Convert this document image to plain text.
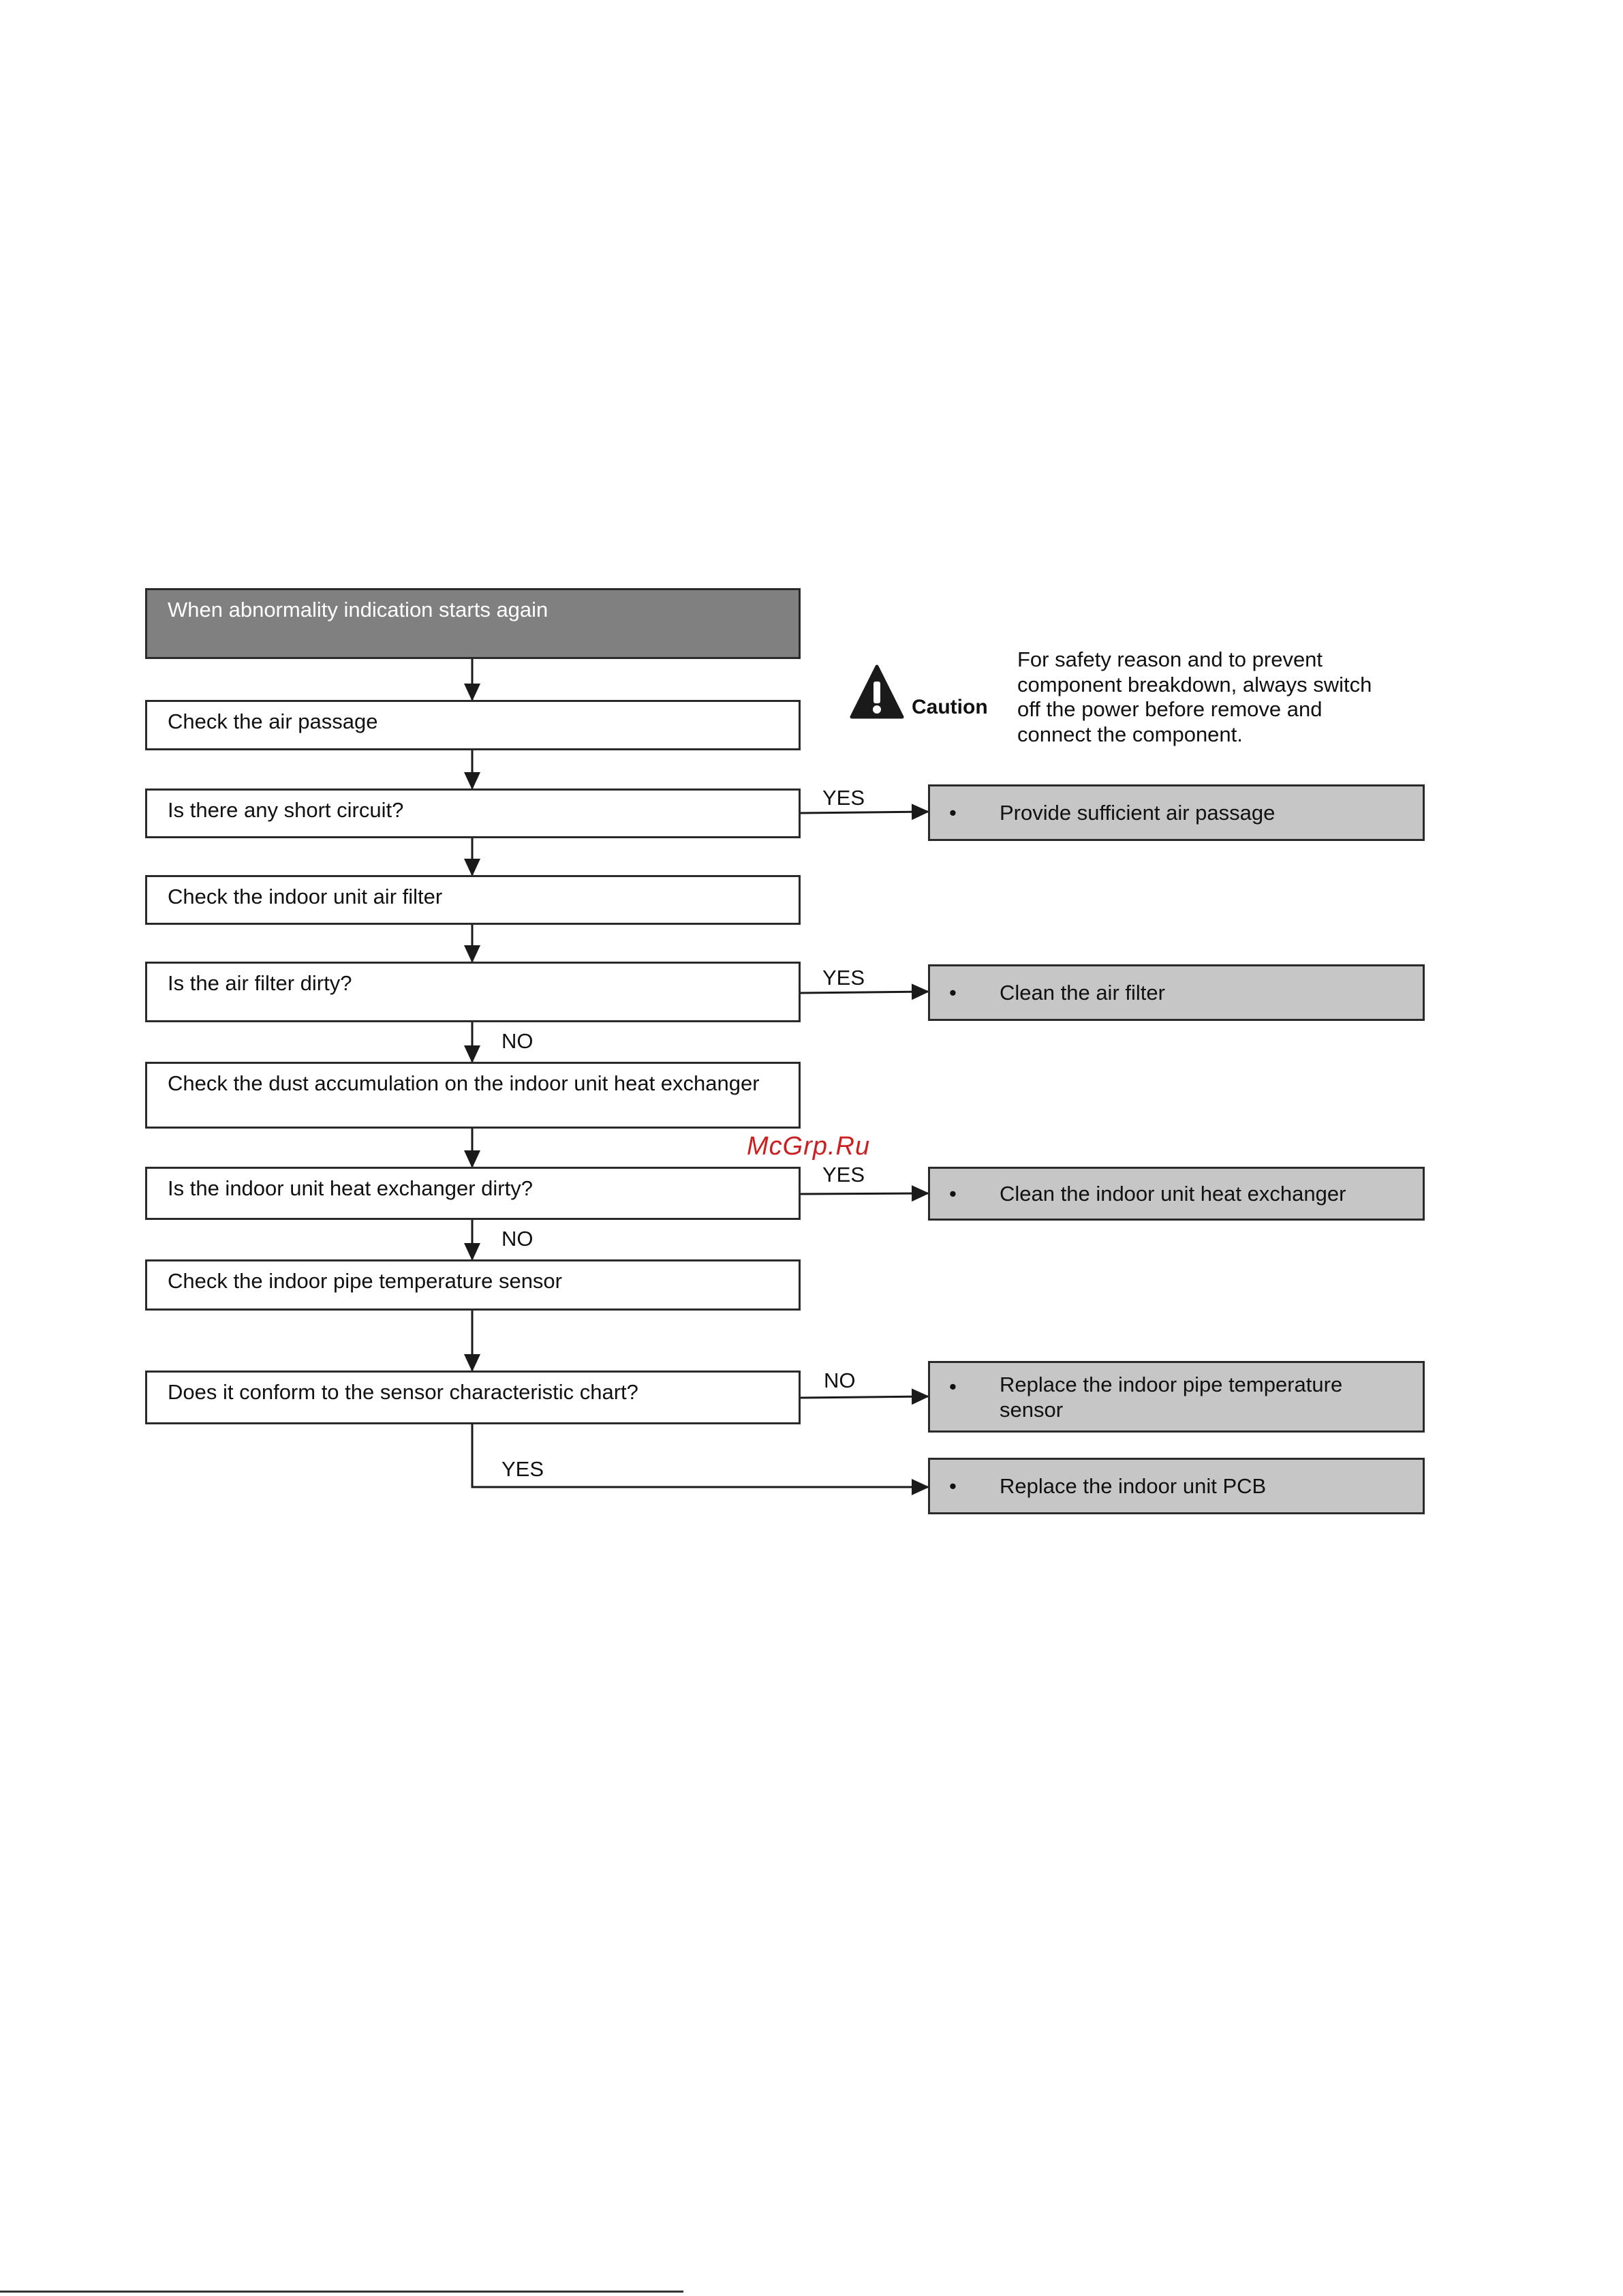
When abnormality indication starts again
Check the air passage
Is there any short circuit?
Check the indoor unit air filter
Is the air filter dirty?
Check the dust accumulation on the indoor unit heat exchanger
Is the indoor unit heat exchanger dirty?
Check the indoor pipe temperature sensor
Does it conform to the sensor characteristic chart?
• Provide sufficient air passage
• Clean the air filter
• Clean the indoor unit heat exchanger
• Replace the indoor pipe temperature sensor
• Replace the indoor unit PCB
YES
YES
NO
YES
NO
NO
YES
Caution
For safety reason and to prevent
component breakdown, always switch
off the power before remove and
connect the component.
McGrp.Ru
